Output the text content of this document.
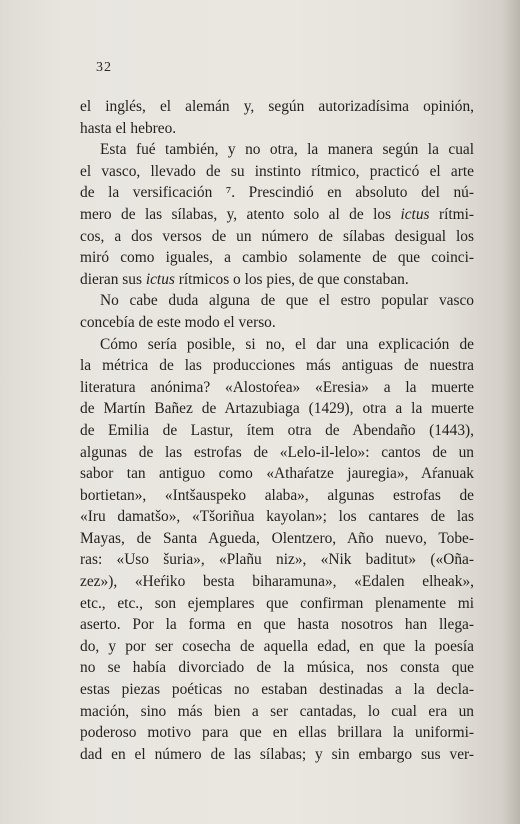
32
el inglés, el alemán y, según autorizadísima opinión,
hasta el hebreo.
Esta fué también, y no otra, la manera según la cual
el vasco, llevado de su instinto rítmico, practicó el arte
de la versificación ⁷. Prescindió en absoluto del nú-
mero de las sílabas, y, atento solo al de los ictus rítmi-
cos, a dos versos de un número de sílabas desigual los
miró como iguales, a cambio solamente de que coinci-
dieran sus ictus rítmicos o los pies, de que constaban.
No cabe duda alguna de que el estro popular vasco
concebía de este modo el verso.
Cómo sería posible, si no, el dar una explicación de
la métrica de las producciones más antiguas de nuestra
literatura anónima? «Alostoŕea» «Eresia» a la muerte
de Martín Bañez de Artazubiaga (1429), otra a la muerte
de Emilia de Lastur, ítem otra de Abendaño (1443),
algunas de las estrofas de «Lelo-il-lelo»: cantos de un
sabor tan antiguo como «Athaŕatze jauregia», Aŕanuak
bortietan», «Intšauspeko alaba», algunas estrofas de
«Iru damatšo», «Tšoriñua kayolan»; los cantares de las
Mayas, de Santa Agueda, Olentzero, Año nuevo, Tobe-
ras: «Uso šuria», «Plañu niz», «Nik baditut» («Oña-
zez»), «Heŕiko besta biharamuna», «Edalen elheak»,
etc., etc., son ejemplares que confirman plenamente mi
aserto. Por la forma en que hasta nosotros han llega-
do, y por ser cosecha de aquella edad, en que la poesía
no se había divorciado de la música, nos consta que
estas piezas poéticas no estaban destinadas a la decla-
mación, sino más bien a ser cantadas, lo cual era un
poderoso motivo para que en ellas brillara la uniformi-
dad en el número de las sílabas; y sin embargo sus ver-
